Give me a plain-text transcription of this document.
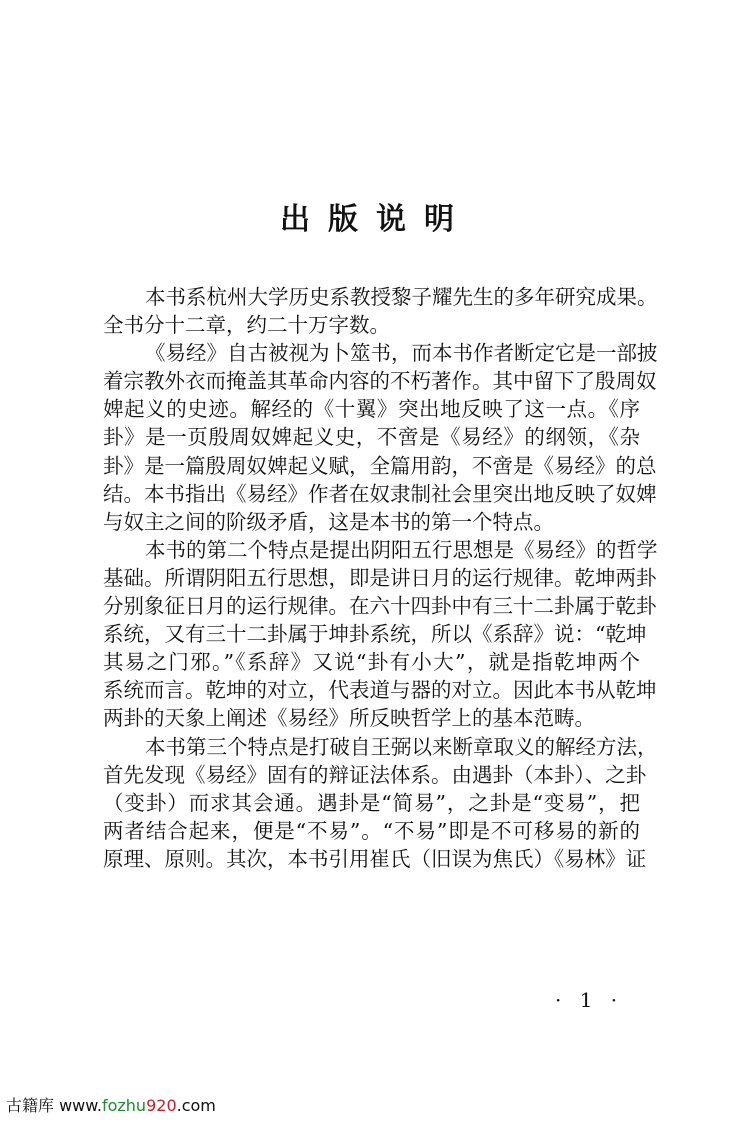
出版说明
本书系杭州大学历史系教授黎子耀先生的多年研究成果。
全书分十二章，约二十万字数。
《易经》自古被视为卜筮书，而本书作者断定它是一部披
着宗教外衣而掩盖其革命内容的不朽著作。其中留下了殷周奴
婢起义的史迹。解经的《十翼》突出地反映了这一点。《序
卦》是一页殷周奴婢起义史，不啻是《易经》的纲领，《杂
卦》是一篇殷周奴婢起义赋，全篇用韵，不啻是《易经》的总
结。本书指出《易经》作者在奴隶制社会里突出地反映了奴婢
与奴主之间的阶级矛盾，这是本书的第一个特点。
本书的第二个特点是提出阴阳五行思想是《易经》的哲学
基础。所谓阴阳五行思想，即是讲日月的运行规律。乾坤两卦
分别象征日月的运行规律。在六十四卦中有三十二卦属于乾卦
系统，又有三十二卦属于坤卦系统，所以《系辞》说：“乾坤
其易之门邪。”《系辞》又说“卦有小大”，就是指乾坤两个
系统而言。乾坤的对立，代表道与器的对立。因此本书从乾坤
两卦的天象上阐述《易经》所反映哲学上的基本范畴。
本书第三个特点是打破自王弼以来断章取义的解经方法，
首先发现《易经》固有的辩证法体系。由遇卦（本卦）、之卦
（变卦）而求其会通。遇卦是“简易”，之卦是“变易”，把
两者结合起来，便是“不易”。“不易”即是不可移易的新的
原理、原则。其次，本书引用崔氏（旧误为焦氏）《易林》证
· 1 ·
古籍库 www.fozhu920.com
